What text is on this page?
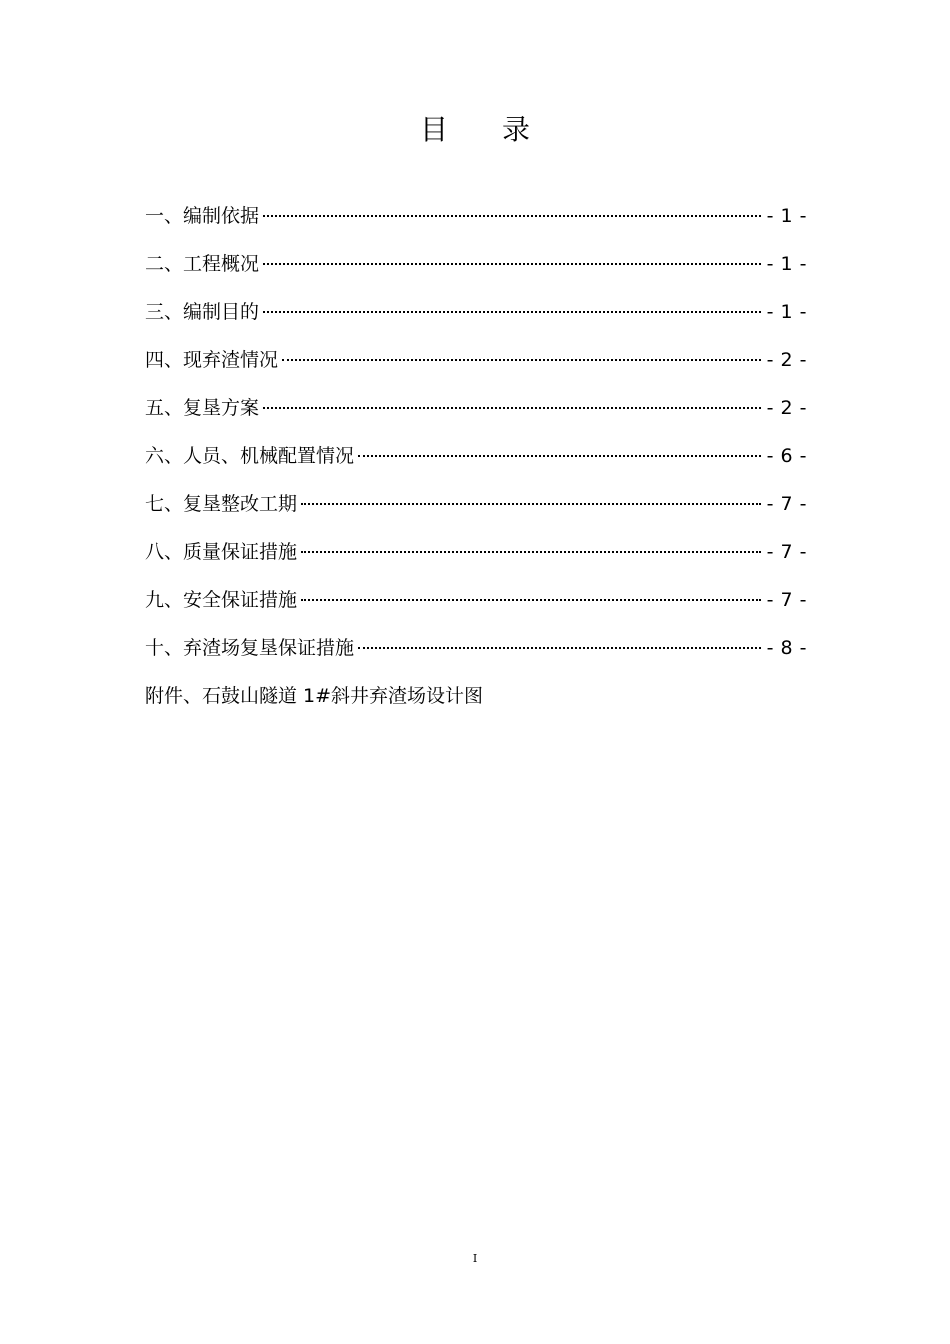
目 录
一、编制依据	- 1 -
二、工程概况	- 1 -
三、编制目的	- 1 -
四、现弃渣情况	- 2 -
五、复垦方案	- 2 -
六、人员、机械配置情况	- 6 -
七、复垦整改工期	- 7 -
八、质量保证措施	- 7 -
九、安全保证措施	- 7 -
十、弃渣场复垦保证措施	- 8 -
附件、石鼓山隧道 1#斜井弃渣场设计图
I
